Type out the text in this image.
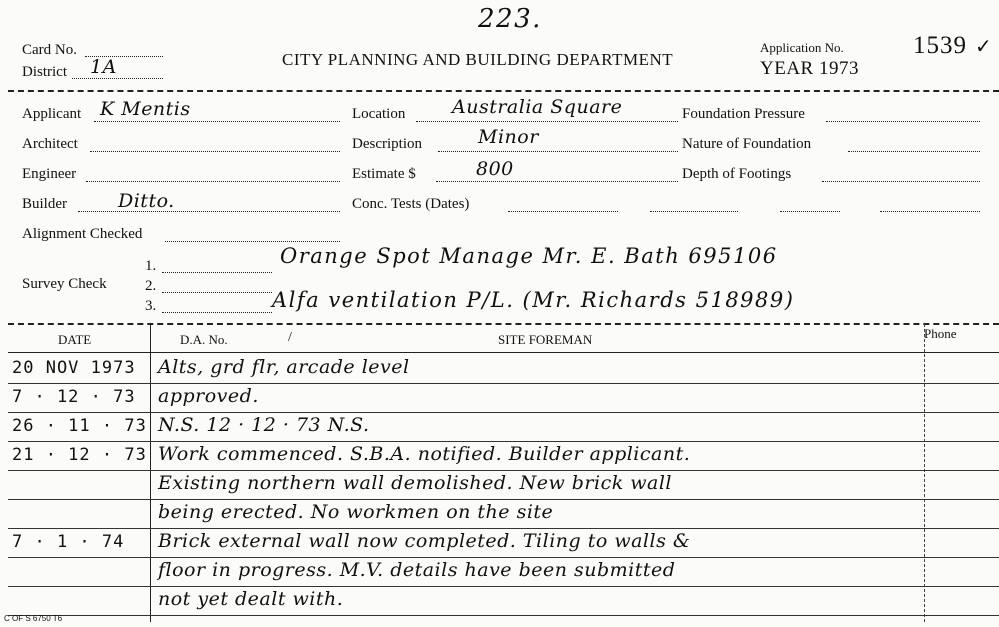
223.
Card No.
District 1A	CITY PLANNING AND BUILDING DEPARTMENT
Application No.
YEAR 1973
1539 ✓
Applicant K Mentis
Architect
Engineer
Builder	Ditto.
Alignment Checked
Survey Check
1.
2.
3.
Location Australia Square
Description	Minor
Estimate $	800
Conc. Tests (Dates)
Foundation Pressure
Nature of Foundation
Depth of Footings
Orange Spot Manage Mr. E. Bath 695106
Alfa ventilation P/L. (Mr. Richards 518989)
DATE	D.A. No.	/	SITE FOREMAN	Phone
20 NOV 1973 Alts, grd flr, arcade level
7 · 12 · 73 approved.
26 · 11 · 73 N.S. 12 · 12 · 73 N.S.
21 · 12 · 73 Work commenced. S.B.A. notified. Builder applicant.
Existing northern wall demolished. New brick wall
being erected. No workmen on the site
7 · 1 · 74 Brick external wall now completed. Tiling to walls &
floor in progress. M.V. details have been submitted
not yet dealt with.
C OF S 6750 T6
